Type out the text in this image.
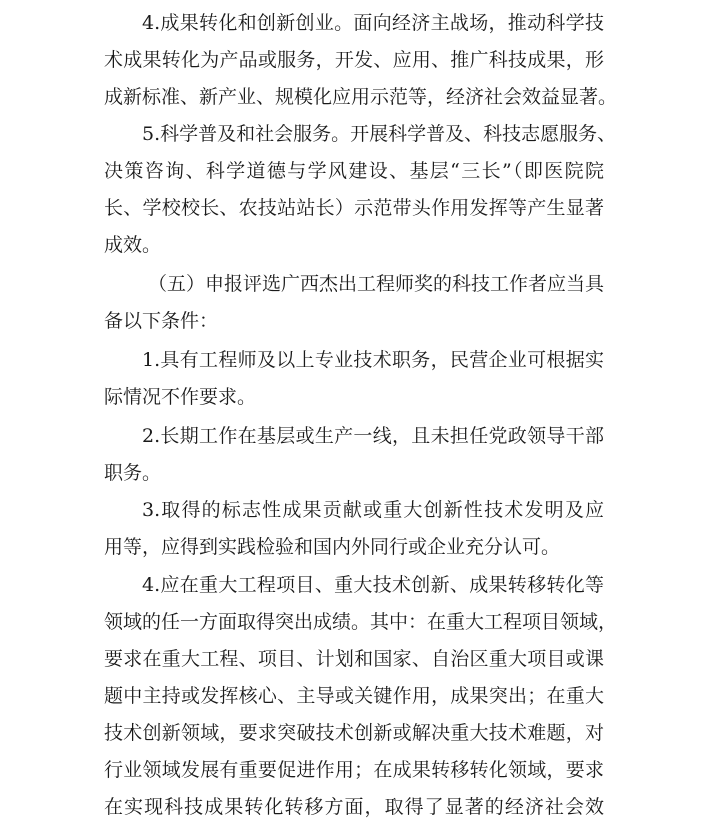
4.成果转化和创新创业。面向经济主战场，推动科学技
术成果转化为产品或服务，开发、应用、推广科技成果，形
成新标准、新产业、规模化应用示范等，经济社会效益显著。
5.科学普及和社会服务。开展科学普及、科技志愿服务、
决策咨询、科学道德与学风建设、基层“三长”（即医院院
长、学校校长、农技站站长）示范带头作用发挥等产生显著
成效。
（五）申报评选广西杰出工程师奖的科技工作者应当具
备以下条件：
1.具有工程师及以上专业技术职务，民营企业可根据实
际情况不作要求。
2.长期工作在基层或生产一线，且未担任党政领导干部
职务。
3.取得的标志性成果贡献或重大创新性技术发明及应
用等，应得到实践检验和国内外同行或企业充分认可。
4.应在重大工程项目、重大技术创新、成果转移转化等
领域的任一方面取得突出成绩。其中：在重大工程项目领域，
要求在重大工程、项目、计划和国家、自治区重大项目或课
题中主持或发挥核心、主导或关键作用，成果突出；在重大
技术创新领域，要求突破技术创新或解决重大技术难题，对
行业领域发展有重要促进作用；在成果转移转化领域，要求
在实现科技成果转化转移方面，取得了显著的经济社会效
